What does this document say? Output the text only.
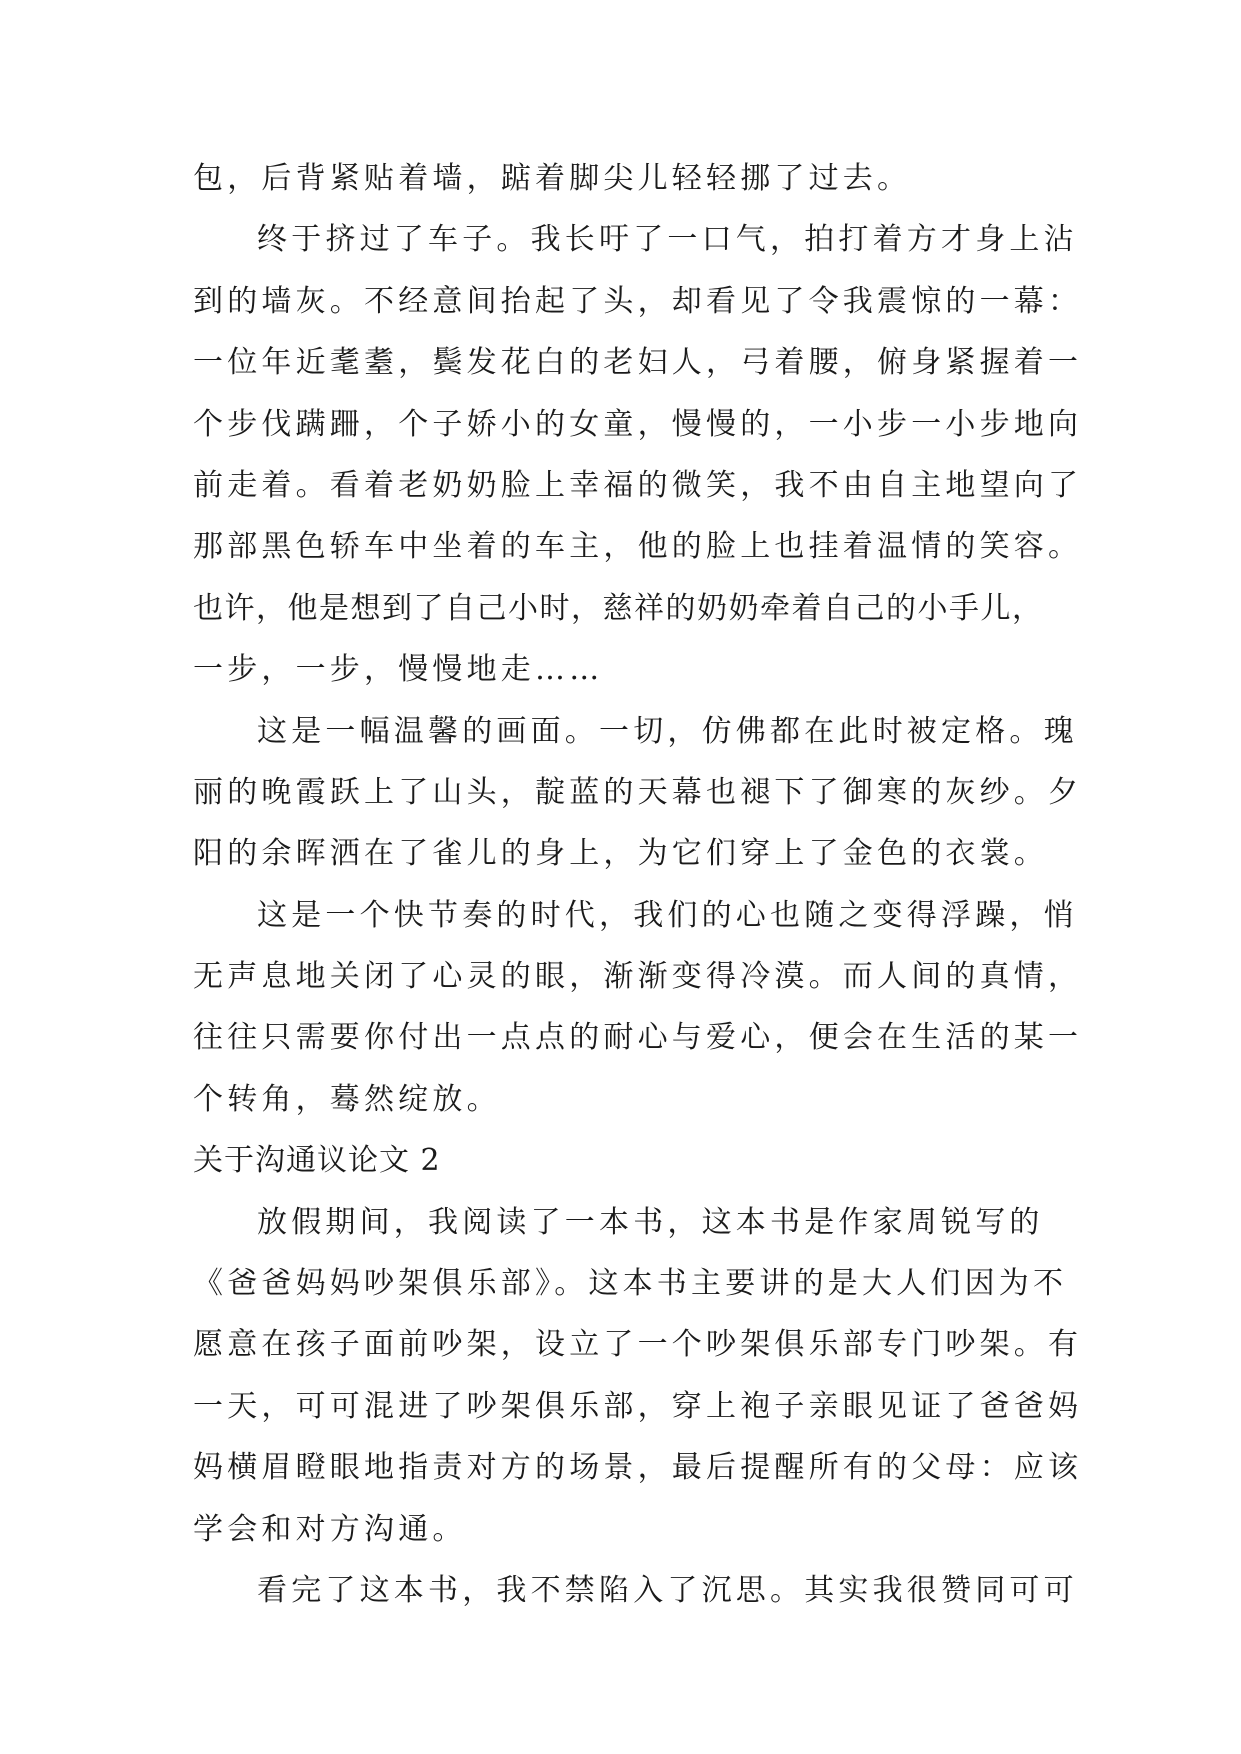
包，后背紧贴着墙，踮着脚尖儿轻轻挪了过去。
终于挤过了车子。我长吁了一口气，拍打着方才身上沾
到的墙灰。不经意间抬起了头，却看见了令我震惊的一幕：
一位年近耄耋，鬓发花白的老妇人，弓着腰，俯身紧握着一
个步伐蹒跚，个子娇小的女童，慢慢的，一小步一小步地向
前走着。看着老奶奶脸上幸福的微笑，我不由自主地望向了
那部黑色轿车中坐着的车主，他的脸上也挂着温情的笑容。
也许，他是想到了自己小时，慈祥的奶奶牵着自己的小手儿，
一步，一步，慢慢地走……
这是一幅温馨的画面。一切，仿佛都在此时被定格。瑰
丽的晚霞跃上了山头，靛蓝的天幕也褪下了御寒的灰纱。夕
阳的余晖洒在了雀儿的身上，为它们穿上了金色的衣裳。
这是一个快节奏的时代，我们的心也随之变得浮躁，悄
无声息地关闭了心灵的眼，渐渐变得冷漠。而人间的真情，
往往只需要你付出一点点的耐心与爱心，便会在生活的某一
个转角，蓦然绽放。
关于沟通议论文 2
放假期间，我阅读了一本书，这本书是作家周锐写的
《爸爸妈妈吵架俱乐部》。这本书主要讲的是大人们因为不
愿意在孩子面前吵架，设立了一个吵架俱乐部专门吵架。有
一天，可可混进了吵架俱乐部，穿上袍子亲眼见证了爸爸妈
妈横眉瞪眼地指责对方的场景，最后提醒所有的父母：应该
学会和对方沟通。
看完了这本书，我不禁陷入了沉思。其实我很赞同可可
